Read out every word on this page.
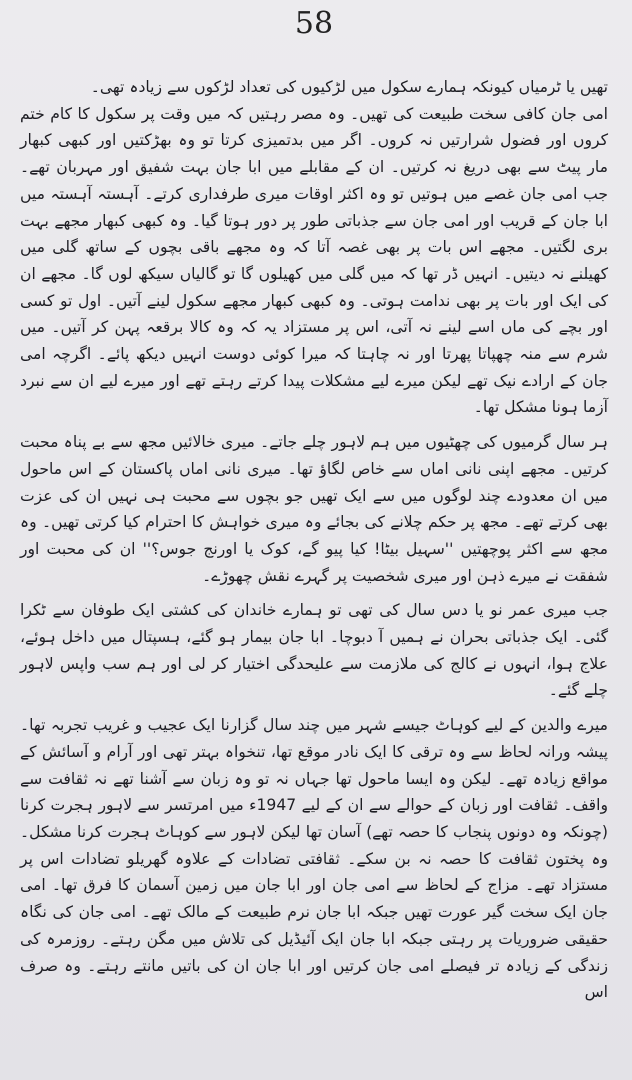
58

تھیں یا ٹرمیاں کیونکہ ہمارے سکول میں لڑکیوں کی تعداد لڑکوں سے زیادہ تھی۔

امی جان کافی سخت طبیعت کی تھیں۔ وہ مصر رہتیں کہ میں وقت پر سکول کا کام ختم کروں اور فضول شرارتیں نہ کروں۔ اگر میں بدتمیزی کرتا تو وہ بھڑکتیں اور کبھی کبھار مار پیٹ سے بھی دریغ نہ کرتیں۔ ان کے مقابلے میں ابا جان بہت شفیق اور مہربان تھے۔ جب امی جان غصے میں ہوتیں تو وہ اکثر اوقات میری طرفداری کرتے۔ آہستہ آہستہ میں ابا جان کے قریب اور امی جان سے جذباتی طور پر دور ہوتا گیا۔ وہ کبھی کبھار مجھے بہت بری لگتیں۔ مجھے اس بات پر بھی غصہ آتا کہ وہ مجھے باقی بچوں کے ساتھ گلی میں کھیلنے نہ دیتیں۔ انہیں ڈر تھا کہ میں گلی میں کھیلوں گا تو گالیاں سیکھ لوں گا۔ مجھے ان کی ایک اور بات پر بھی ندامت ہوتی۔ وہ کبھی کبھار مجھے سکول لینے آتیں۔ اول تو کسی اور بچے کی ماں اسے لینے نہ آتی، اس پر مستزاد یہ کہ وہ کالا برقعہ پہن کر آتیں۔ میں شرم سے منہ چھپاتا پھرتا اور نہ چاہتا کہ میرا کوئی دوست انہیں دیکھ پائے۔ اگرچہ امی جان کے ارادے نیک تھے لیکن میرے لیے مشکلات پیدا کرتے رہتے تھے اور میرے لیے ان سے نبرد آزما ہونا مشکل تھا۔

ہر سال گرمیوں کی چھٹیوں میں ہم لاہور چلے جاتے۔ میری خالائیں مجھ سے بے پناہ محبت کرتیں۔ مجھے اپنی نانی اماں سے خاص لگاؤ تھا۔ میری نانی اماں پاکستان کے اس ماحول میں ان معدودے چند لوگوں میں سے ایک تھیں جو بچوں سے محبت ہی نہیں ان کی عزت بھی کرتے تھے۔ مجھ پر حکم چلانے کی بجائے وہ میری خواہش کا احترام کیا کرتی تھیں۔ وہ مجھ سے اکثر پوچھتیں ''سہیل بیٹا! کیا پیو گے، کوک یا اورنج جوس؟'' ان کی محبت اور شفقت نے میرے ذہن اور میری شخصیت پر گہرے نقش چھوڑے۔

جب میری عمر نو یا دس سال کی تھی تو ہمارے خاندان کی کشتی ایک طوفان سے ٹکرا گئی۔ ایک جذباتی بحران نے ہمیں آ دبوچا۔ ابا جان بیمار ہو گئے، ہسپتال میں داخل ہوئے، علاج ہوا، انہوں نے کالج کی ملازمت سے علیحدگی اختیار کر لی اور ہم سب واپس لاہور چلے گئے۔

میرے والدین کے لیے کوہاٹ جیسے شہر میں چند سال گزارنا ایک عجیب و غریب تجربہ تھا۔ پیشہ ورانہ لحاظ سے وہ ترقی کا ایک نادر موقع تھا، تنخواہ بہتر تھی اور آرام و آسائش کے مواقع زیادہ تھے۔ لیکن وہ ایسا ماحول تھا جہاں نہ تو وہ زبان سے آشنا تھے نہ ثقافت سے واقف۔ ثقافت اور زبان کے حوالے سے ان کے لیے 1947ء میں امرتسر سے لاہور ہجرت کرنا (چونکہ وہ دونوں پنجاب کا حصہ تھے) آسان تھا لیکن لاہور سے کوہاٹ ہجرت کرنا مشکل۔ وہ پختون ثقافت کا حصہ نہ بن سکے۔ ثقافتی تضادات کے علاوہ گھریلو تضادات اس پر مستزاد تھے۔ مزاج کے لحاظ سے امی جان اور ابا جان میں زمین آسمان کا فرق تھا۔ امی جان ایک سخت گیر عورت تھیں جبکہ ابا جان نرم طبیعت کے مالک تھے۔ امی جان کی نگاہ حقیقی ضروریات پر رہتی جبکہ ابا جان ایک آئیڈیل کی تلاش میں مگن رہتے۔ روزمرہ کی زندگی کے زیادہ تر فیصلے امی جان کرتیں اور ابا جان ان کی باتیں مانتے رہتے۔ وہ صرف اس
